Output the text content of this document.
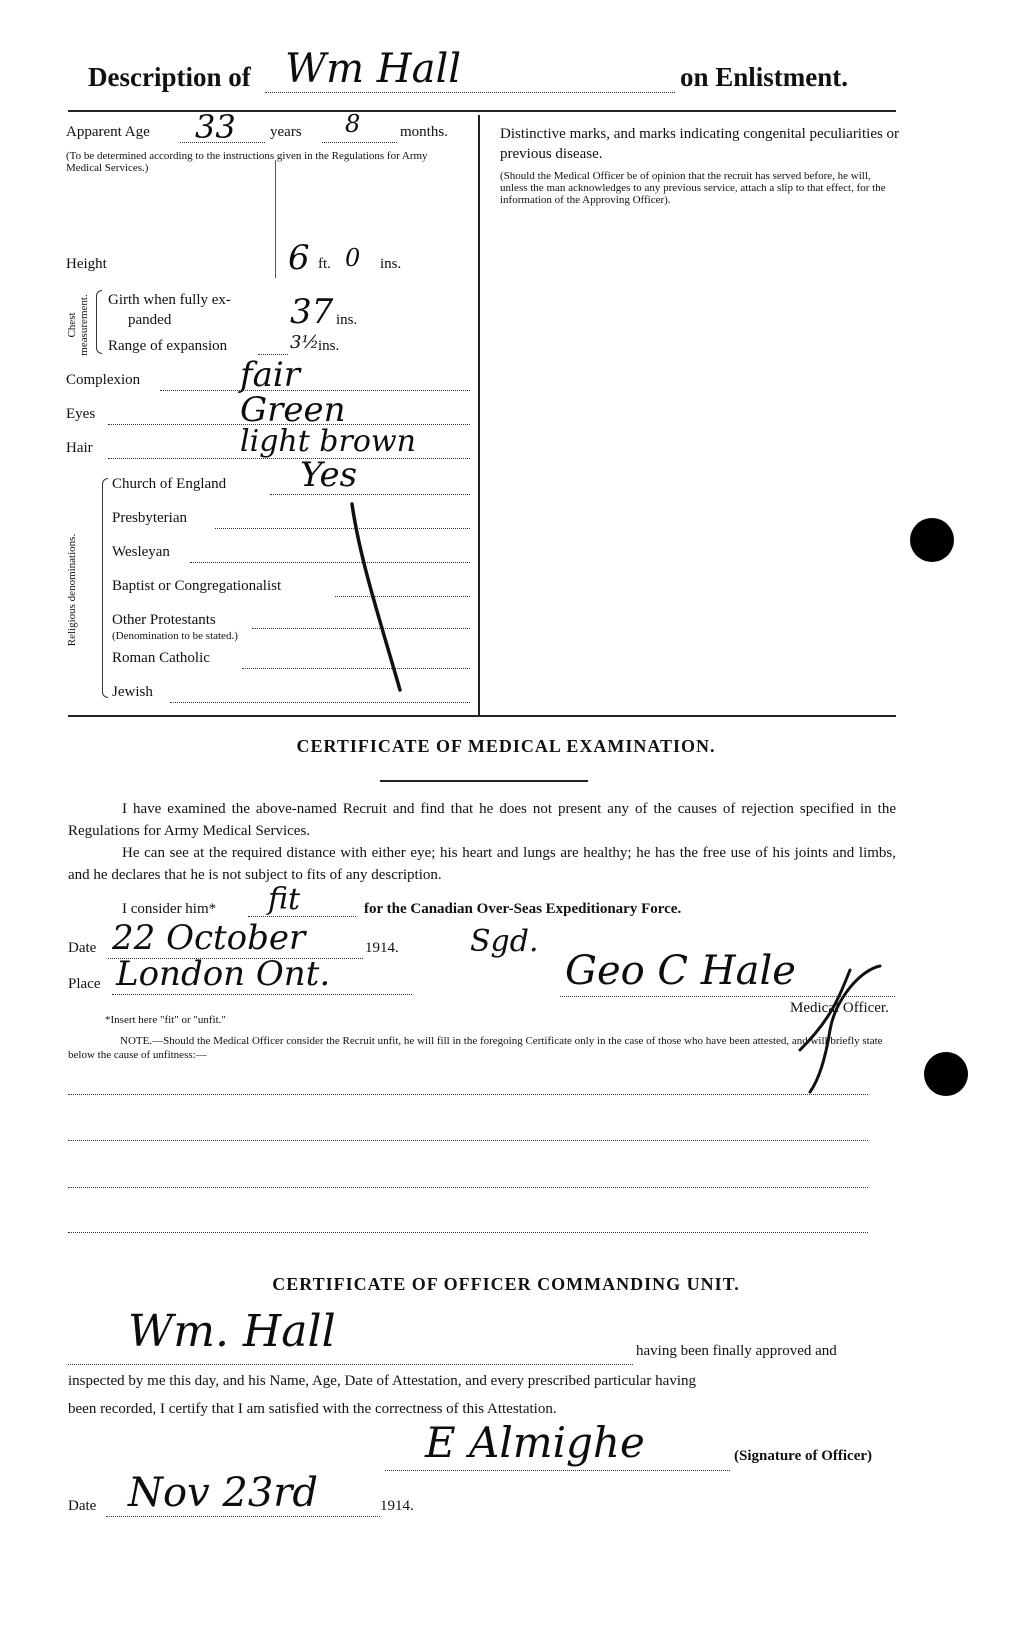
Description of Wm Hall	on Enlistment.
Apparent Age 33 years 8	months.
(To be determined according to the instructions given in the Regulations for Army Medical Services.)
Distinctive marks, and marks indicating congenital peculiarities or previous disease.
(Should the Medical Officer be of opinion that the recruit has served before, he will, unless the man acknowledges to any previous service, attach a slip to that effect, for the information of the Approving Officer).
Height	6 ft. 0 ins.
Chest measurement. Girth when fully ex-
panded	37 ins.
Range of expansion	3½ ins.
Complexion	fair
Eyes	Green
Hair	light brown
Religious denominations.
Church of England Yes
Presbyterian
Wesleyan
Baptist or Congregationalist
Other Protestants
(Denomination to be stated.)
Roman Catholic
Jewish
CERTIFICATE OF MEDICAL EXAMINATION.
I have examined the above-named Recruit and find that he does not present any of the causes of rejection specified in the Regulations for Army Medical Services.
He can see at the required distance with either eye; his heart and lungs are healthy; he has the free use of his joints and limbs, and he declares that he is not subject to fits of any description.
I consider him* fit	for the Canadian Over-Seas Expeditionary Force.
Date 22 October	1914. Sgd.
Place London Ont.	Geo C Hale
Medical Officer.
*Insert here "fit" or "unfit."
NOTE.—Should the Medical Officer consider the Recruit unfit, he will fill in the foregoing Certificate only in the case of those who have been attested, and will briefly state below the cause of unfitness:—
CERTIFICATE OF OFFICER COMMANDING UNIT.
Wm. Hall	having been finally approved and
inspected by me this day, and his Name, Age, Date of Attestation, and every prescribed particular having
been recorded, I certify that I am satisfied with the correctness of this Attestation.
E Almighe	(Signature of Officer)
Date Nov 23rd	1914.
